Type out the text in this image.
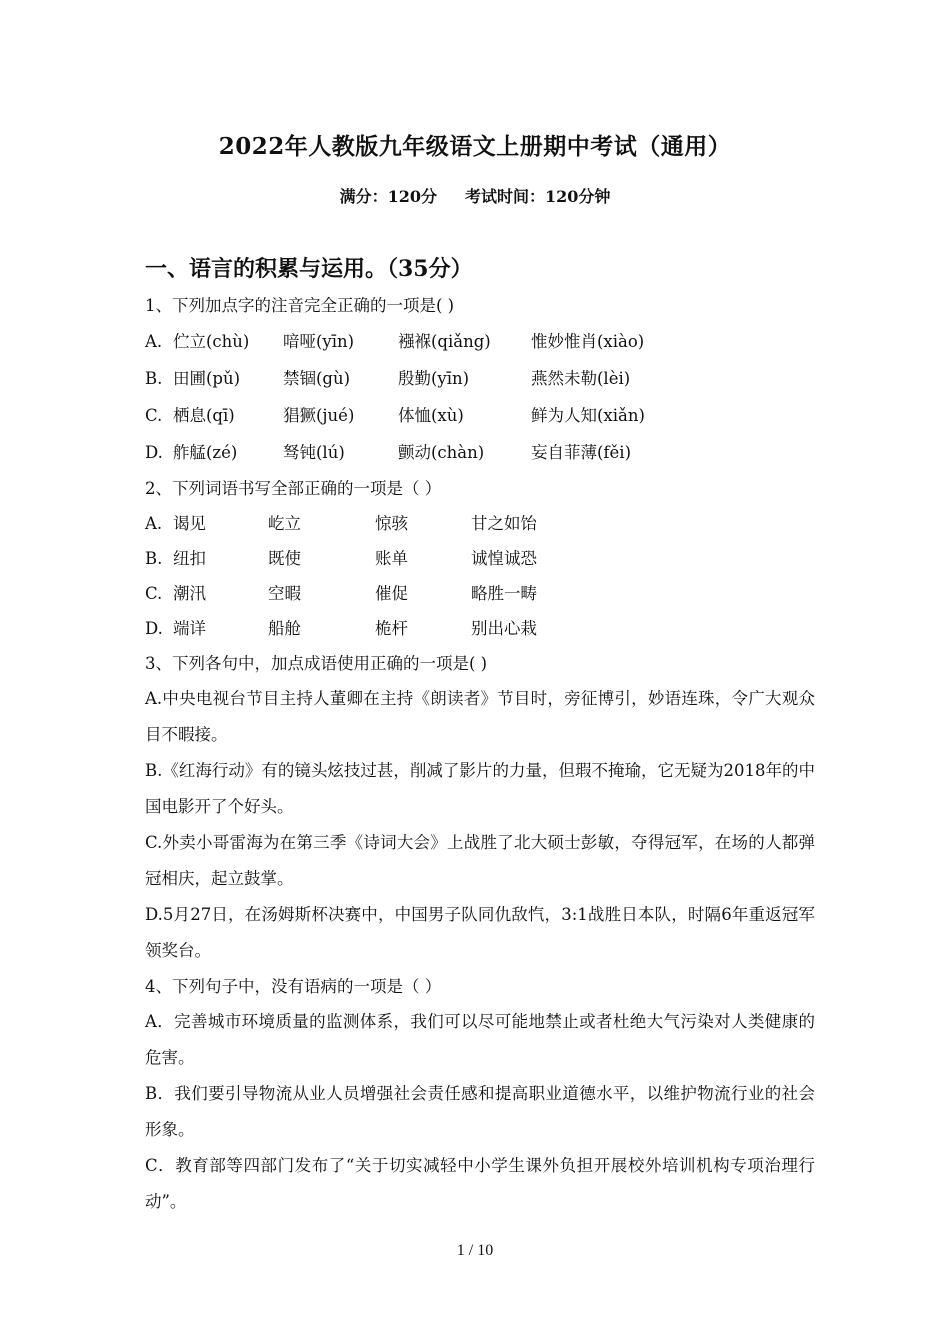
2022年人教版九年级语文上册期中考试（通用）
满分：120分 考试时间：120分钟
一、语言的积累与运用。（35分）
1、下列加点字的注音完全正确的一项是( )
A. 伫立(chù) 喑哑(yīn)	襁褓(qiǎng) 惟妙惟肖(xiào)
B. 田圃(pǔ)	禁锢(gù)	殷勤(yīn)	燕然未勒(lèi)
C. 栖息(qī)	猖獗(jué)	体恤(xù)	鲜为人知(xiǎn)
D. 舴艋(zé)	驽钝(lú)	颤动(chàn)	妄自菲薄(fěi)
2、下列词语书写全部正确的一项是（ ）
A. 谒见	屹立	惊骇	甘之如饴
B. 纽扣	既使	账单	诚惶诚恐
C. 潮汛	空暇	催促	略胜一畴
D. 端详	船舱	桅杆	别出心栽
3、下列各句中，加点成语使用正确的一项是( )
A.中央电视台节目主持人董卿在主持《朗读者》节目时，旁征博引，妙语连珠，令广大观众目不暇接。
B.《红海行动》有的镜头炫技过甚，削减了影片的力量，但瑕不掩瑜，它无疑为2018年的中国电影开了个好头。
C.外卖小哥雷海为在第三季《诗词大会》上战胜了北大硕士彭敏，夺得冠军，在场的人都弹冠相庆，起立鼓掌。
D.5月27日，在汤姆斯杯决赛中，中国男子队同仇敌忾，3:1战胜日本队，时隔6年重返冠军领奖台。
4、下列句子中，没有语病的一项是（ ）
A．完善城市环境质量的监测体系，我们可以尽可能地禁止或者杜绝大气污染对人类健康的危害。
B．我们要引导物流从业人员增强社会责任感和提高职业道德水平，以维护物流行业的社会形象。
C．教育部等四部门发布了“关于切实减轻中小学生课外负担开展校外培训机构专项治理行动”。
1 / 10
